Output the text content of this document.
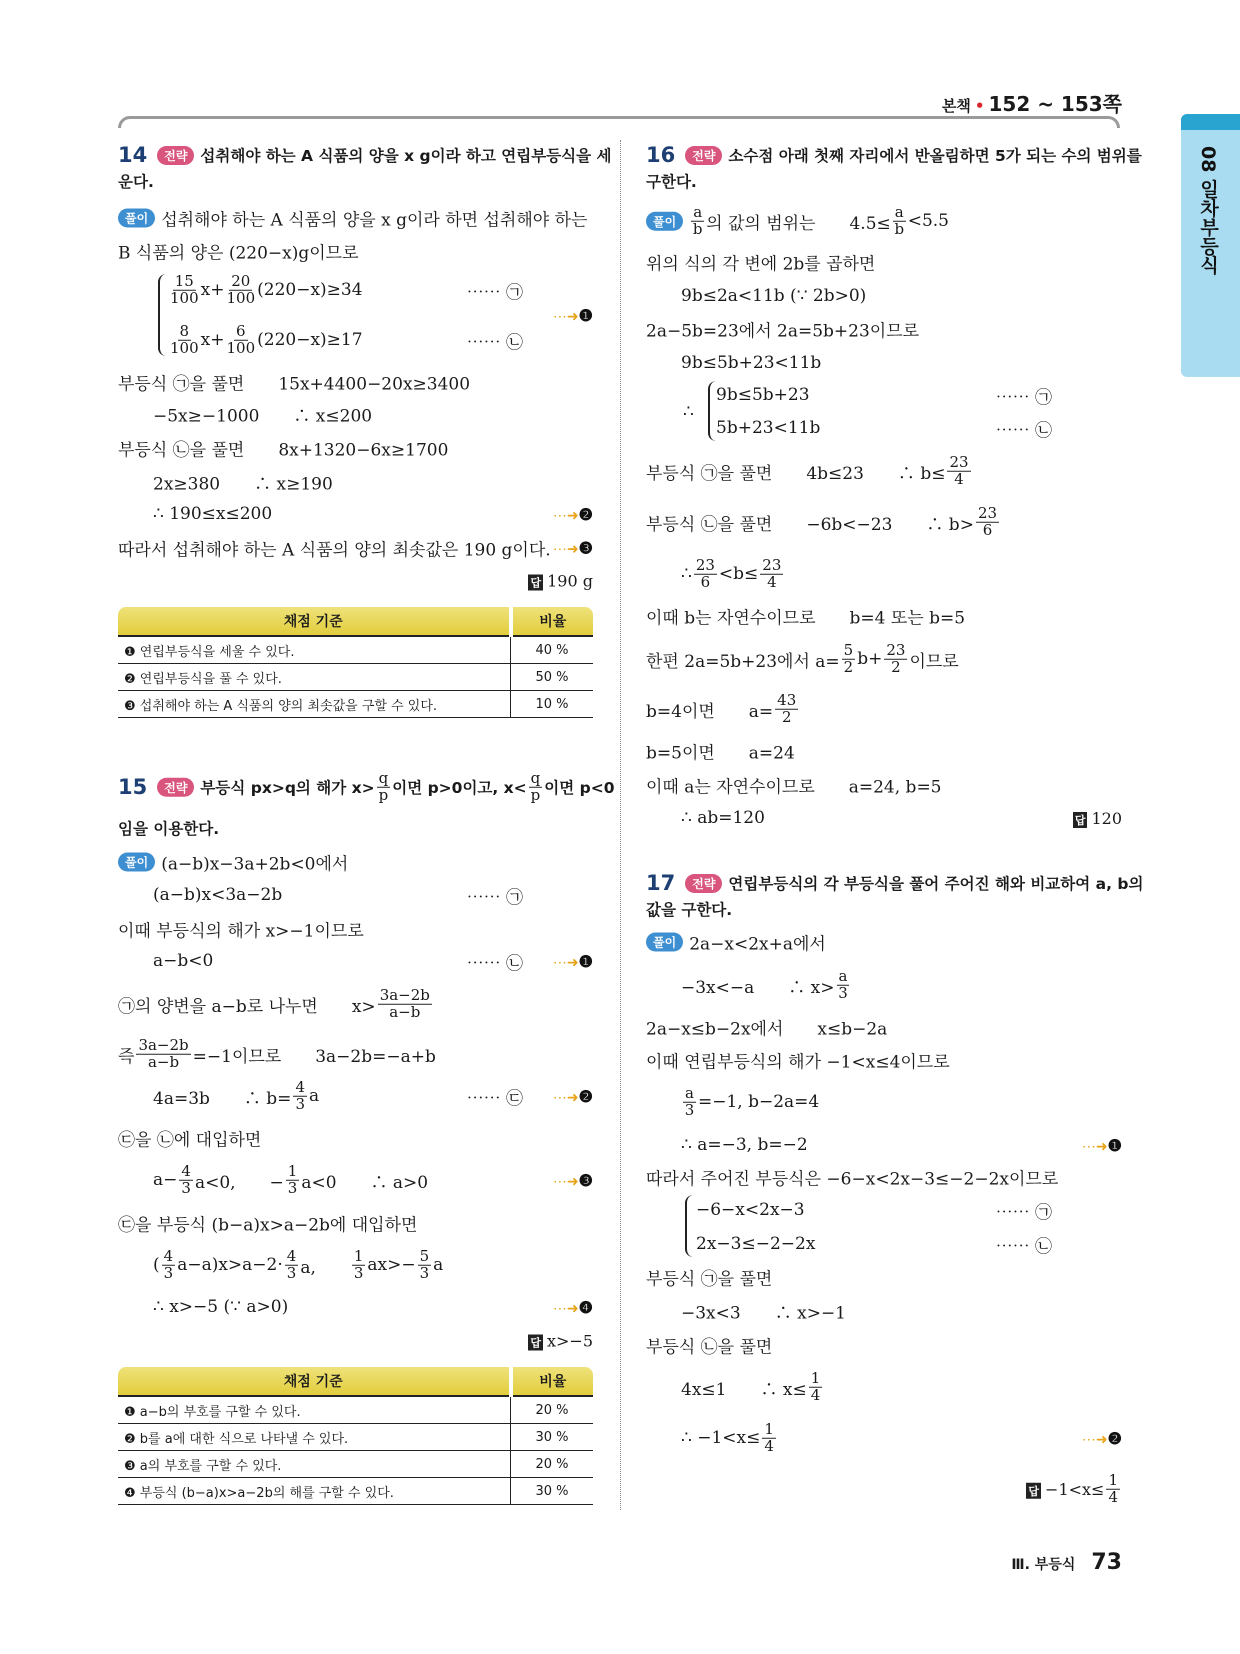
본책 • 152 ~ 153쪽
08 일차부등식
14	전략 섭취해야 하는 A 식품의 양을 x g이라 하고 연립부등식을 세
운다.
풀이 섭취해야 하는 A 식품의 양을 x g이라 하면 섭취해야 하는
B 식품의 양은 (220−x)g이므로
$\frac{15}{100} x+ \frac{20}{100} (220-x)\ge 34$	⋯⋯ ㉠
⋯➜❶
$\frac{8}{100} x+ \frac{6}{100} (220-x)\ge 17$	⋯⋯ ㉡
부등식 ㉠을 풀면　　15x+4400−20x≥3400
−5x≥−1000　　∴ x≤200
부등식 ㉡을 풀면　　8x+1320−6x≥1700
2x≥380　　∴ x≥190
∴ 190≤x≤200	⋯➜❷
따라서 섭취해야 하는 A 식품의 양의 최솟값은 190 g이다. ⋯➜❸
답 190 g
15	전략 부등식 px>q의 해가 $x> \frac{q}{p}$ 이면 p>0이고, $x< \frac{q}{p}$ 이면 p<0
임을 이용한다.
풀이 (a−b)x−3a+2b<0에서
(a−b)x<3a−2b	⋯⋯ ㉠
이때 부등식의 해가 x>−1이므로
a−b<0	⋯⋯ ㉡ ⋯➜❶
㉠의 양변을 a−b로 나누면　　$x> \frac{3a-2b}{a-b}$
즉 $\frac{3a-2b}{a-b} =-1$이므로　　3a−2b=−a+b
4a=3b　　∴ $b= \frac{4}{3}$ a	⋯⋯ ㉢ ⋯➜❷
㉢을 ㉡에 대입하면
$a- \frac{4}{3} a<0$,　　− $\frac{1}{3} a<0$　　∴ a>0	⋯➜❸
㉢을 부등식 (b−a)x>a−2b에 대입하면
( $\frac{4}{3} a-a)x>a-2\cdot \frac{4}{3} a$,　　 $\frac{1}{3} ax>- \frac{5}{3}$ a
∴ x>−5 (∵ a>0)	⋯➜❹
답 x>−5
16	전략 소수점 아래 첫째 자리에서 반올림하면 5가 되는 수의 범위를
구한다.
풀이	$\frac{a}{b}$ 의 값의 범위는　　$4.5\le \frac{a}{b} <5.5$
위의 식의 각 변에 2b를 곱하면
9b≤2a<11b (∵ 2b>0)
2a−5b=23에서 2a=5b+23이므로
9b≤5b+23<11b
9b≤5b+23	⋯⋯ ㉠
5b+23<11b	⋯⋯ ㉡
부등식 ㉠을 풀면　　4b≤23　　∴ $b\le \frac{23}{4}$
부등식 ㉡을 풀면　　−6b<−23　　∴ $b> \frac{23}{6}$
∴ $\frac{23}{6} <b\le \frac{23}{4}$
이때 b는 자연수이므로　　b=4 또는 b=5
한편 2a=5b+23에서 $a= \frac{5}{2} b+ \frac{23}{2}$ 이므로
b=4이면　　$a= \frac{43}{2}$
b=5이면　　a=24
이때 a는 자연수이므로　　a=24, b=5
∴ ab=120	답 120
17	전략 연립부등식의 각 부등식을 풀어 주어진 해와 비교하여 a, b의
값을 구한다.
풀이 2a−x<2x+a에서
−3x<−a　　∴ $x> \frac{a}{3}$
2a−x≤b−2x에서　　x≤b−2a
이때 연립부등식의 해가 −1<x≤4이므로
$\frac{a}{3} =-1$, b−2a=4
∴ a=−3, b=−2	⋯➜❶
따라서 주어진 부등식은 −6−x<2x−3≤−2−2x이므로
−6−x<2x−3	⋯⋯ ㉠
2x−3≤−2−2x	⋯⋯ ㉡
부등식 ㉠을 풀면
−3x<3　　∴ x>−1
부등식 ㉡을 풀면
4x≤1　　∴ $x\le \frac{1}{4}$
∴ $-1<x\le \frac{1}{4}$	⋯➜❷
답 $-1<x\le \frac{1}{4}$
∴
채점 기준	비율
❶ 연립부등식을 세울 수 있다.	40 %
❷ 연립부등식을 풀 수 있다.	50 %
❸ 섭취해야 하는 A 식품의 양의 최솟값을 구할 수 있다.	10 %
채점 기준	비율
❶ a−b의 부호를 구할 수 있다.	20 %
❷ b를 a에 대한 식으로 나타낼 수 있다.	30 %
❸ a의 부호를 구할 수 있다.	20 %
❹ 부등식 (b−a)x>a−2b의 해를 구할 수 있다.	30 %
Ⅲ. 부등식 73
